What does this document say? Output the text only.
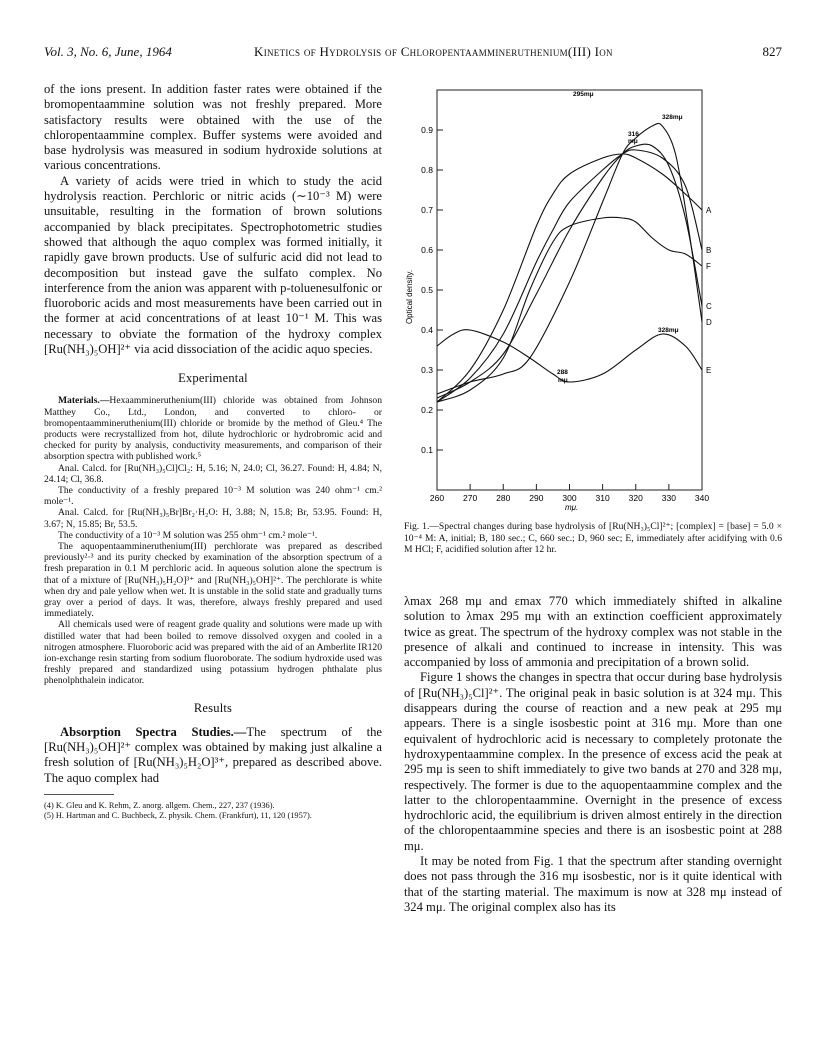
Vol. 3, No. 6, June, 1964	Kinetics of Hydrolysis of Chloropentaammineruthenium(III) Ion	827

of the ions present. In addition faster rates were obtained if the bromopentaammine solution was not freshly prepared. More satisfactory results were obtained with the use of the chloropentaammine complex. Buffer systems were avoided and base hydrolysis was measured in sodium hydroxide solutions at various concentrations.

A variety of acids were tried in which to study the acid hydrolysis reaction. Perchloric or nitric acids (∼10⁻³ M) were unsuitable, resulting in the formation of brown solutions accompanied by black precipitates. Spectrophotometric studies showed that although the aquo complex was formed initially, it rapidly gave brown products. Use of sulfuric acid did not lead to decomposition but instead gave the sulfato complex. No interference from the anion was apparent with p-toluenesulfonic or fluoroboric acids and most measurements have been carried out in the former at acid concentrations of at least 10⁻¹ M. This was necessary to obviate the formation of the hydroxy complex [Ru(NH₃)₅OH]²⁺ via acid dissociation of the acidic aquo species.

Experimental

Materials.—Hexaammineruthenium(III) chloride was obtained from Johnson Matthey Co., Ltd., London, and converted to chloro- or bromopentaammineruthenium(III) chloride or bromide by the method of Gleu.⁴ The products were recrystallized from hot, dilute hydrochloric or hydrobromic acid and checked for purity by analysis, conductivity measurements, and comparison of their absorption spectra with published work.⁵

Anal. Calcd. for [Ru(NH₃)₅Cl]Cl₂: H, 5.16; N, 24.0; Cl, 36.27. Found: H, 4.84; N, 24.14; Cl, 36.8.

The conductivity of a freshly prepared 10⁻³ M solution was 240 ohm⁻¹ cm.² mole⁻¹.

Anal. Calcd. for [Ru(NH₃)₅Br]Br₂·H₂O: H, 3.88; N, 15.8; Br, 53.95. Found: H, 3.67; N, 15.85; Br, 53.5.

The conductivity of a 10⁻³ M solution was 255 ohm⁻¹ cm.² mole⁻¹.

The aquopentaammineruthenium(III) perchlorate was prepared as described previously²·³ and its purity checked by examination of the absorption spectrum of a fresh preparation in 0.1 M perchloric acid. In aqueous solution alone the spectrum is that of a mixture of [Ru(NH₃)₅H₂O]³⁺ and [Ru(NH₃)₅OH]²⁺. The perchlorate is white when dry and pale yellow when wet. It is unstable in the solid state and gradually turns gray over a period of days. It was, therefore, always freshly prepared and used immediately.

All chemicals used were of reagent grade quality and solutions were made up with distilled water that had been boiled to remove dissolved oxygen and cooled in a nitrogen atmosphere. Fluoroboric acid was prepared with the aid of an Amberlite IR120 ion-exchange resin starting from sodium fluoroborate. The sodium hydroxide used was freshly prepared and standardized using potassium hydrogen phthalate plus phenolphthalein indicator.

Results

Absorption Spectra Studies.—The spectrum of the [Ru(NH₃)₅OH]²⁺ complex was obtained by making just alkaline a fresh solution of [Ru(NH₃)₅H₂O]³⁺, prepared as described above. The aquo complex had

(4) K. Gleu and K. Rehm, Z. anorg. allgem. Chem., 227, 237 (1936).

(5) H. Hartman and C. Buchbeck, Z. physik. Chem. (Frankfurt), 11, 120 (1957).

0.1
0.2
0.3
0.4
0.5
0.6
0.7
0.8
0.9
260 270 280 290 300 310 320 330 340
A
B
C
D
E
F
295mμ
328mμ
316
mμ
328mμ
288
mμ
Optical density.
mμ.
Fig. 1.—Spectral changes during base hydrolysis of [Ru(NH₃)₅Cl]²⁺; [complex] = [base] = 5.0 × 10⁻⁴ M: A, initial; B, 180 sec.; C, 660 sec.; D, 960 sec; E, immediately after acidifying with 0.6 M HCl; F, acidified solution after 12 hr.

λmax 268 mμ and εmax 770 which immediately shifted in alkaline solution to λmax 295 mμ with an extinction coefficient approximately twice as great. The spectrum of the hydroxy complex was not stable in the presence of alkali and continued to increase in intensity. This was accompanied by loss of ammonia and precipitation of a brown solid.

Figure 1 shows the changes in spectra that occur during base hydrolysis of [Ru(NH₃)₅Cl]²⁺. The original peak in basic solution is at 324 mμ. This disappears during the course of reaction and a new peak at 295 mμ appears. There is a single isosbestic point at 316 mμ. More than one equivalent of hydrochloric acid is necessary to completely protonate the hydroxypentaammine complex. In the presence of excess acid the peak at 295 mμ is seen to shift immediately to give two bands at 270 and 328 mμ, respectively. The former is due to the aquopentaammine complex and the latter to the chloropentaammine. Overnight in the presence of excess hydrochloric acid, the equilibrium is driven almost entirely in the direction of the chloropentaammine species and there is an isosbestic point at 288 mμ.

It may be noted from Fig. 1 that the spectrum after standing overnight does not pass through the 316 mμ isosbestic, nor is it quite identical with that of the starting material. The maximum is now at 328 mμ instead of 324 mμ. The original complex also has its
